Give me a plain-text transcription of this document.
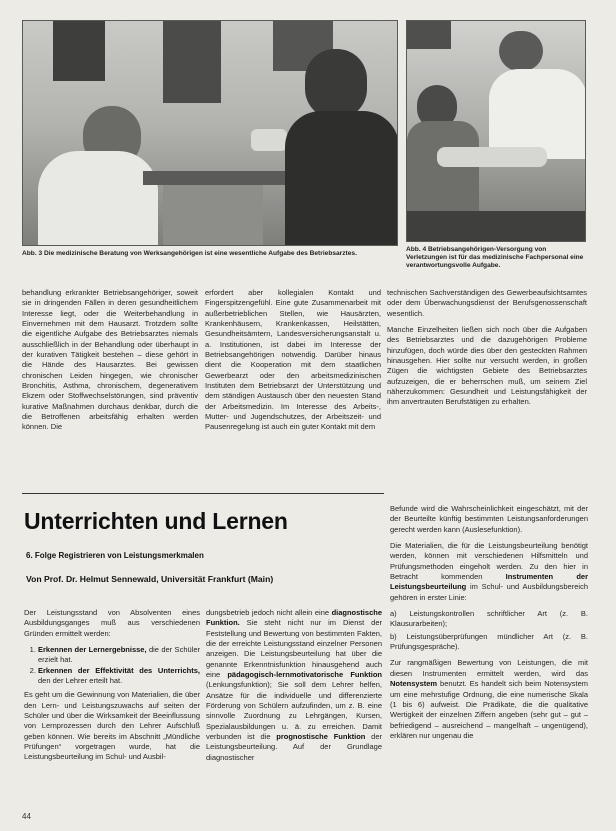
Abb. 3 Die medizinische Beratung von Werksangehörigen ist eine wesentliche Aufgabe des Betriebsarztes.
Abb. 4 Betriebsangehörigen-Versorgung von Verletzungen ist für das medizinische Fachpersonal eine verantwortungsvolle Aufgabe.

behandlung erkrankter Betriebsangehöriger, soweit sie in dringenden Fällen in deren gesundheitlichem Interesse liegt, oder die Weiterbehandlung in Einvernehmen mit dem Hausarzt. Trotzdem sollte die eigentliche Aufgabe des Betriebsarztes niemals ausschließlich in der Behandlung oder überhaupt in der kurativen Tätigkeit bestehen – diese gehört in die Hände des Hausarztes. Bei gewissen chronischen Leiden hingegen, wie chronischer Bronchitis, Asthma, chronischem, degenerativem Ekzem oder Stoffwechselstörungen, sind präventiv kurative Maßnahmen durchaus denkbar, durch die die Betroffenen arbeitsfähig erhalten werden können. Die

erfordert aber kollegialen Kontakt und Fingerspitzengefühl. Eine gute Zusammenarbeit mit außerbetrieblichen Stellen, wie Hausärzten, Krankenhäusern, Krankenkassen, Heilstätten, Gesundheitsämtern, Landesversicherungsanstalt u. a. Institutionen, ist dabei im Interesse der Betriebsangehörigen notwendig. Darüber hinaus dient die Kooperation mit dem staatlichen Gewerbearzt oder den arbeitsmedizinischen Instituten dem Betriebsarzt der Unterstützung und dem ständigen Austausch über den neuesten Stand der Arbeitsmedizin. Im Interesse des Arbeits-, Mutter- und Jugendschutzes, der Arbeitszeit- und Pausenregelung ist auch ein guter Kontakt mit dem

technischen Sachverständigen des Gewerbeaufsichtsamtes oder dem Überwachungsdienst der Berufsgenossenschaft wesentlich.

Manche Einzelheiten ließen sich noch über die Aufgaben des Betriebsarztes und die dazugehörigen Probleme hinzufügen, doch würde dies über den gesteckten Rahmen hinausgehen. Hier sollte nur versucht werden, in großen Zügen die wichtigsten Gebiete des Betriebsarztes aufzuzeigen, die er beherrschen muß, um seinem Ziel näherzukommen: Gesundheit und Leistungsfähigkeit der ihm anvertrauten Berufstätigen zu erhalten.

Unterrichten und Lernen
6. Folge Registrieren von Leistungsmerkmalen
Von Prof. Dr. Helmut Sennewald, Universität Frankfurt (Main)

Der Leistungsstand von Absolventen eines Ausbildungsganges muß aus verschiedenen Gründen ermittelt werden:

1. Erkennen der Lernergebnisse, die der Schüler erzielt hat.
2. Erkennen der Effektivität des Unterrichts, den der Lehrer erteilt hat.

Es geht um die Gewinnung von Materialien, die über den Lern- und Leistungszuwachs auf seiten der Schüler und über die Wirksamkeit der Beeinflussung von Lernprozessen durch den Lehrer Aufschluß geben können. Wie bereits im Abschnitt „Mündliche Prüfungen“ vorgetragen wurde, hat die Leistungsbeurteilung im Schul- und Ausbil-

dungsbetrieb jedoch nicht allein eine diagnostische Funktion. Sie steht nicht nur im Dienst der Feststellung und Bewertung von bestimmten Fakten, die der erreichte Leistungsstand einzelner Personen anzeigen. Die Leistungsbeurteilung hat über die genannte Erkenntnisfunktion hinausgehend auch eine pädagogisch-lernmotivatorische Funktion (Lenkungsfunktion); Sie soll dem Lehrer helfen, Ansätze für die individuelle und differenzierte Förderung von Schülern aufzufinden, um z. B. eine sinnvolle Zuordnung zu Lehrgängen, Kursen, Spezialausbildungen u. ä. zu erreichen. Damit verbunden ist die prognostische Funktion der Leistungsbeurteilung. Auf der Grundlage diagnostischer

Befunde wird die Wahrscheinlichkeit eingeschätzt, mit der der Beurteilte künftig bestimmten Leistungsanforderungen gerecht werden kann (Auslesefunktion).

Die Materialien, die für die Leistungsbeurteilung benötigt werden, können mit verschiedenen Hilfsmitteln und Prüfungsmethoden eingeholt werden. Zu den hier in Betracht kommenden Instrumenten der Leistungsbeurteilung im Schul- und Ausbildungsbereich gehören in erster Linie:

a) Leistungskontrollen schriftlicher Art (z. B. Klausurarbeiten);

b) Leistungsüberprüfungen mündlicher Art (z. B. Prüfungsgespräche).

Zur rangmäßigen Bewertung von Leistungen, die mit diesen Instrumenten ermittelt werden, wird das Notensystem benutzt. Es handelt sich beim Notensystem um eine mehrstufige Ordnung, die eine numerische Skala (1 bis 6) aufweist. Die Prädikate, die die qualitative Wertigkeit der einzelnen Ziffern angeben (sehr gut – gut – befriedigend – ausreichend – mangelhaft – ungenügend), erklären nur ungenau die

44
